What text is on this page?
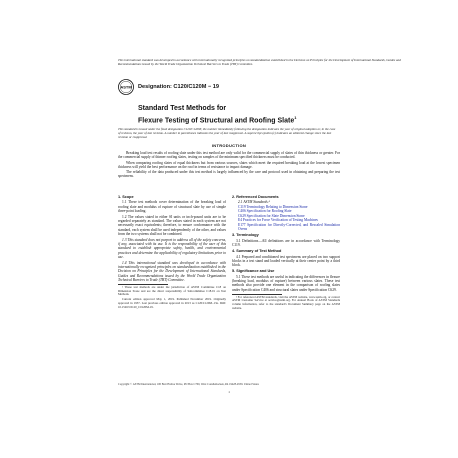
This international standard was developed in accordance with internationally recognized principles on standardization established in the Decision on Principles for the Development of International Standards, Guides and Recommendations issued by the World Trade Organization Technical Barriers to Trade (TBT) Committee.
ASTM Designation: C120/C120M − 19
Standard Test Methods for
Flexure Testing of Structural and Roofing Slate$^1$
This standard is issued under the fixed designation C120/C120M; the number immediately following the designation indicates the year of original adoption or, in the case of revision, the year of last revision. A number in parentheses indicates the year of last reapproval. A superscript epsilon (ε) indicates an editorial change since the last revision or reapproval.
INTRODUCTION

Breaking load test results of roofing slate under this test method are only valid for the commercial supply of slates of thin thickness or greater. For the commercial supply of thinner roofing slates, testing on samples of the minimum specified thickness must be conducted.

When comparing roofing slates of equal thickness but from various sources, slates which meet the required breaking load at the lowest specimen thickness will yield the best performance on the roof in terms of resistance to impact damage.

The reliability of the data produced under this test method is largely influenced by the care and protocol used in obtaining and preparing the test specimens.

1. Scope

1.1 These test methods cover determination of the breaking load of roofing slate and modulus of rupture of structural slate by use of simple three-point loading.

1.2 The values stated in either SI units or inch-pound units are to be regarded separately as standard. The values stated in each system are not necessarily exact equivalents; therefore, to ensure conformance with the standard, each system shall be used independently of the other, and values from the two systems shall not be combined.

1.3 This standard does not purport to address all of the safety concerns, if any, associated with its use. It is the responsibility of the user of this standard to establish appropriate safety, health, and environmental practices and determine the applicability of regulatory limitations prior to use.

1.4 This international standard was developed in accordance with internationally recognized principles on standardization established in the Decision on Principles for the Development of International Standards, Guides and Recommendations issued by the World Trade Organization Technical Barriers to Trade (TBT) Committee.

¹ These test methods are under the jurisdiction of ASTM Committee C18 on Dimension Stone and are the direct responsibility of Subcommittee C18.01 on Test Methods.

Current edition approved May 1, 2019. Published November 2019. Originally approved in 1937. Last previous edition approved in 2013 as C120/C120M–13a. DOI: 10.1520/C0120_C0120M-19.

2. Referenced Documents
2.1 ASTM Standards:²
C119 Terminology Relating to Dimension Stone
C406 Specification for Roofing Slate
C629 Specification for Slate Dimension Stone
E4 Practices for Force Verification of Testing Machines
E177 Specification for Directly-Corrected, and Rescaled Simulation Ovens
3. Terminology

3.1 Definitions—All definitions are in accordance with Terminology C119.

4. Summary of Test Method

4.1 Prepared and conditioned test specimens are placed on two support blocks in a test stand and loaded vertically at their center point by a third block.

5. Significance and Use

5.1 These test methods are useful in indicating the differences in flexure (breaking load, modulus of rupture) between various slates. These test methods also provide one element in the comparison of roofing slates under Specification C406 and structural slates under Specification C629.

² For referenced ASTM standards, visit the ASTM website, www.astm.org, or contact ASTM Customer Service at service@astm.org. For Annual Book of ASTM Standards volume information, refer to the standard's Document Summary page on the ASTM website.

Copyright © ASTM International, 100 Barr Harbor Drive, PO Box C700, West Conshohocken, PA 19428-2959. United States
1
